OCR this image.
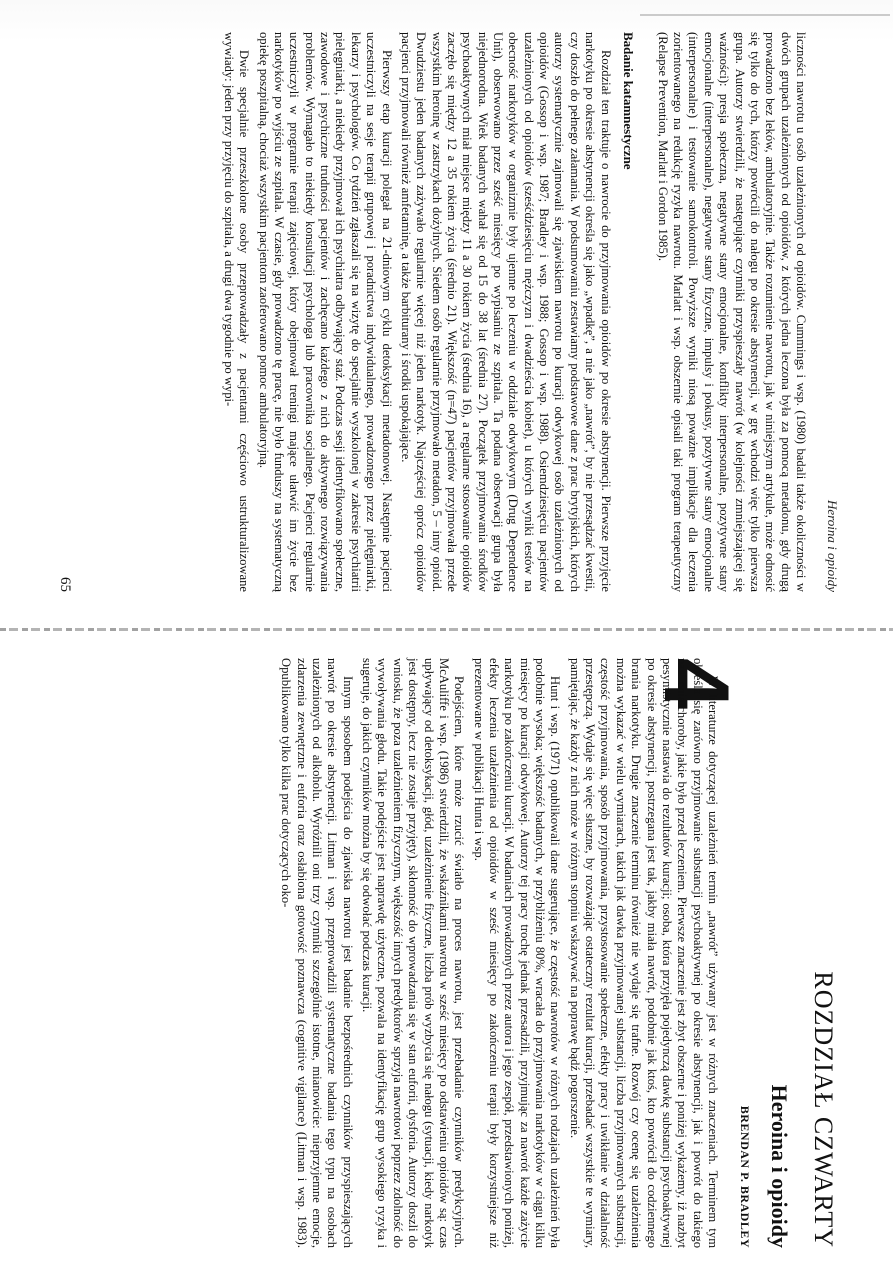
Heroina i opioidy

liczności nawrotu u osób uzależnionych od opioidów. Cummings i wsp. (1980) badali także okoliczności w dwóch grupach uzależnionych od opioidów, z których jedna leczona była za pomocą metadonu, gdy drugą prowadzono bez leków, ambulatoryjnie. Także rozumienie nawrotu, jak w niniejszym artykule, może odnosić się tylko do tych, którzy powrócili do nałogu po okresie abstynencji, w grę wchodzi więc tylko pierwsza grupa. Autorzy stwierdzili, że następujące czynniki przyspieszały nawrót (w kolejności zmniejszającej się ważności): presja społeczna, negatywne stany emocjonalne, konflikty interpersonalne, pozytywne stany emocjonalne (interpersonalne), negatywne stany fizyczne, impulsy i pokusy, pozytywne stany emocjonalne (interpersonalne) i testowanie samokontroli. Powyższe wyniki niosą poważne implikacje dla leczenia zorientowanego na redukcję ryzyka nawrotu. Marlatt i wsp. obszernie opisali taki program terapeutyczny (Relapse Prevention, Marlatt i Gordon 1985).

Badanie katamnestyczne

Rozdział ten traktuje o nawrocie do przyjmowania opioidów po okresie abstynencji. Pierwsze przyjęcie narkotyku po okresie abstynencji określa się jako „wpadkę”, a nie jako „nawrót”, by nie przesądzać kwestii, czy doszło do pełnego załamania. W podsumowaniu zestawiamy podstawowe dane z prac brytyjskich, których autorzy systematycznie zajmowali się zjawiskiem nawrotu po kuracji odwykowej osób uzależnionych od opioidów (Gossop i wsp. 1987; Bradley i wsp. 1988; Gossop i wsp. 1988). Osiemdziesięciu pacjentów uzależnionych od opioidów (sześćdziesięciu mężczyzn i dwadzieścia kobiet), u których wyniki testów na obecność narkotyków w organizmie były ujemne po leczeniu w oddziale odwykowym (Drug Dependence Unit), obserwowano przez sześć miesięcy po wypisaniu ze szpitala. Ta podana obserwacji grupa była niejednorodna. Wiek badanych wahał się od 15 do 38 lat (średnia 27). Początek przyjmowania środków psychoaktywnych miał miejsce między 11 a 30 rokiem życia (średnia 16), a regularne stosowanie opioidów zaczęło się między 12 a 35 rokiem życia (średnio 21). Większość (n=47) pacjentów przyjmowała przede wszystkim heroinę w zastrzykach dożylnych. Siedem osób regularnie przyjmowało metadon, 5 – inny opioid. Dwudziestu jeden badanych zażywało regularnie więcej niż jeden narkotyk. Najczęściej oprócz opioidów pacjenci przyjmowali również amfetaminę, a także barbiturany i środki uspokajające.

Pierwszy etap kuracji polegał na 21-dniowym cyklu detoksykacji metadonowej. Następnie pacjenci uczestniczyli na sesje terapii grupowej i poradnictwa indywidualnego, prowadzonego przez pielęgniarki, lekarzy i psychologów. Co tydzień zgłaszali się na wizytę do specjalnie wyszkolonej w zakresie psychiatrii pielęgniarki, a niekiedy przyjmował ich psychiatra odbywający staż. Podczas sesji identyfikowano społeczne, zawodowe i psychiczne trudności pacjentów i zachęcano każdego z nich do aktywnego rozwiązywania problemów. Wymagało to niekiedy konsultacji psychologa lub pracownika socjalnego. Pacjenci regularnie uczestniczyli w programie terapii zajęciowej, który obejmował treningi mające ułatwić im życie bez narkotyków po wyjściu ze szpitala. W czasie, gdy prowadzono tę pracę, nie było funduszy na systematyczną opiekę poszpitalną, chociaż wszystkim pacjentom zaoferowano pomoc ambulatoryjną.

Dwie specjalnie przeszkolone osoby przeprowadzały z pacjentami częściowo ustrukturalizowane wywiady: jeden przy przyjęciu do szpitala, a drugi dwa tygodnie po wypi-

65
ROZDZIAŁ CZWARTY
Heroina i opioidy
BRENDAN P. BRADLEY
4

W literaturze dotyczącej uzależnień termin „nawrót” używany jest w różnych znaczeniach. Terminem tym określa się zarówno przyjmowanie substancji psychoaktywnej po okresie abstynencji, jak i powrót do takiego nasilenia choroby, jakie było przed leczeniem. Pierwsze znaczenie jest zbyt obszerne i poniżej wykażemy, iż nazbyt pesymistycznie nastawia do rezultatów kuracji; osoba, która przyjęła pojedynczą dawkę substancji psychoaktywnej po okresie abstynencji, postrzegana jest tak, jakby miała nawrót, podobnie jak ktoś, kto powrócił do codziennego brania narkotyku. Drugie znaczenie terminu również nie wydaje się trafne. Rozwój czy ocenę się uzależnienia można wykazać w wielu wymiarach, takich jak dawka przyjmowanej substancji, liczba przyjmowanych substancji, częstość przyjmowania, sposób przyjmowania, przystosowanie społeczne, efekty pracy i uwikłanie w działalność przestępczą. Wydaje się więc słuszne, by rozważając ostateczny rezultat kuracji, przebadać wszystkie te wymiary, pamiętając, że każdy z nich może w różnym stopniu wskazywać na poprawę bądź pogorszenie.

Hunt i wsp. (1971) opublikowali dane sugerujące, że częstość nawrotów w różnych rodzajach uzależnień była podobnie wysoka; większość badanych, w przybliżeniu 80%, wracała do przyjmowania narkotyków w ciągu kilku miesięcy po kuracji odwykowej. Autorzy tej pracy trochę jednak przesadzili, przyjmując za nawrót każde zażycie narkotyku po zakończeniu kuracji. W badaniach prowadzonych przez autora i jego zespół, przedstawionych poniżej, efekty leczenia uzależnienia od opioidów w sześć miesięcy po zakończeniu terapii były korzystniejsze niż prezentowane w publikacji Hunta i wsp.

Podejściem, które może rzucić światło na proces nawrotu, jest przebadanie czynników predykcyjnych. McAuliffe i wsp. (1986) stwierdzili, że wskaźnikami nawrotu w sześć miesięcy po odstawieniu opioidów są: czas upływający od detoksykacji, głód, uzależnienie fizyczne, liczba prób wyzbycia się nałogu (sytuacji, kiedy narkotyk jest dostępny, lecz nie zostaje przyjęty), skłonność do wprowadzania się w stan euforii, dysforia. Autorzy doszli do wniosku, że poza uzależnieniem fizycznym, większość innych predyktorów sprzyja nawrotowi poprzez zdolność do wywoływania głodu. Takie podejście jest naprawdę użyteczne, pozwala na identyfikację grup wysokiego ryzyka i sugeruje, do jakich czynników można by się odwołać podczas kuracji.

Innym sposobem podejścia do zjawiska nawrotu jest badanie bezpośrednich czynników przyspieszających nawrót po okresie abstynencji. Litman i wsp. przeprowadzili systematyczne badania tego typu na osobach uzależnionych od alkoholu. Wyróżnili oni trzy czynniki szczególnie istotne, mianowicie: nieprzyjemne emocje, zdarzenia zewnętrzne i euforia oraz osłabiona gotowość poznawcza (cognitive vigilance) (Litman i wsp. 1983). Opublikowano tylko kilka prac dotyczących oko-
